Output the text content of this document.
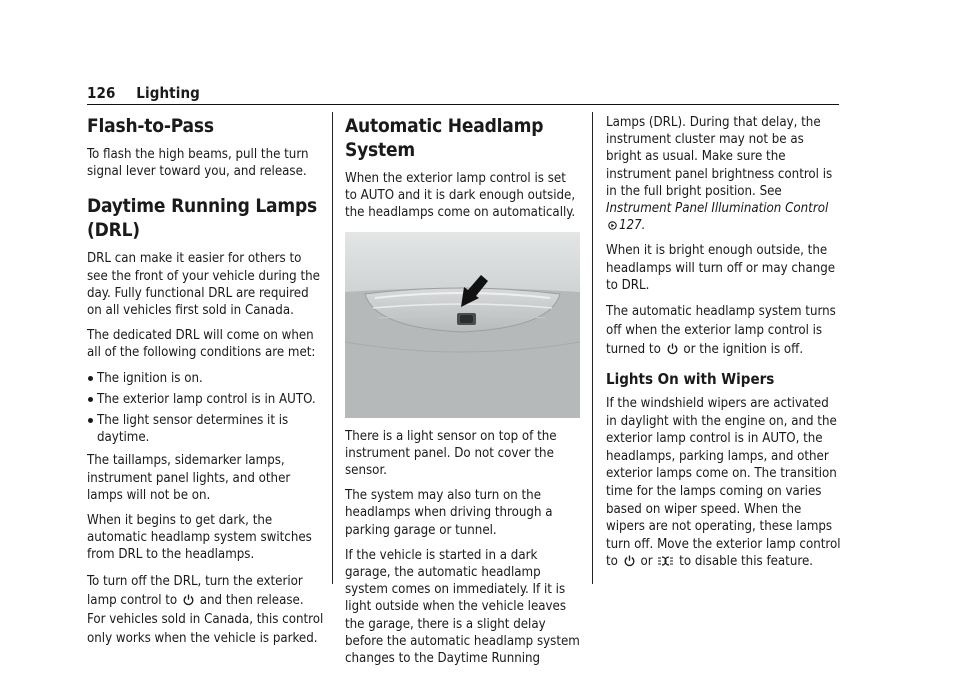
126 Lighting
Flash-to-Pass

To flash the high beams, pull the turn signal lever toward you, and release.

Daytime Running Lamps (DRL)

DRL can make it easier for others to see the front of your vehicle during the day. Fully functional DRL are required on all vehicles first sold in Canada.

The dedicated DRL will come on when all of the following conditions are met:

The ignition is on.
The exterior lamp control is in AUTO.
The light sensor determines it is daytime.

The taillamps, sidemarker lamps, instrument panel lights, and other lamps will not be on.

When it begins to get dark, the automatic headlamp system switches from DRL to the headlamps.

To turn off the DRL, turn the exterior lamp control to and then release. For vehicles sold in Canada, this control only works when the vehicle is parked.

Automatic Headlamp System

When the exterior lamp control is set to AUTO and it is dark enough outside, the headlamps come on automatically.

There is a light sensor on top of the instrument panel. Do not cover the sensor.

The system may also turn on the headlamps when driving through a parking garage or tunnel.

If the vehicle is started in a dark garage, the automatic headlamp system comes on immediately. If it is light outside when the vehicle leaves the garage, there is a slight delay before the automatic headlamp system changes to the Daytime Running

Lamps (DRL). During that delay, the instrument cluster may not be as bright as usual. Make sure the instrument panel brightness control is in the full bright position. See Instrument Panel Illumination Control 127.

When it is bright enough outside, the headlamps will turn off or may change to DRL.

The automatic headlamp system turns off when the exterior lamp control is turned to or the ignition is off.

Lights On with Wipers

If the windshield wipers are activated in daylight with the engine on, and the exterior lamp control is in AUTO, the headlamps, parking lamps, and other exterior lamps come on. The transition time for the lamps coming on varies based on wiper speed. When the wipers are not operating, these lamps turn off. Move the exterior lamp control to or to disable this feature.
